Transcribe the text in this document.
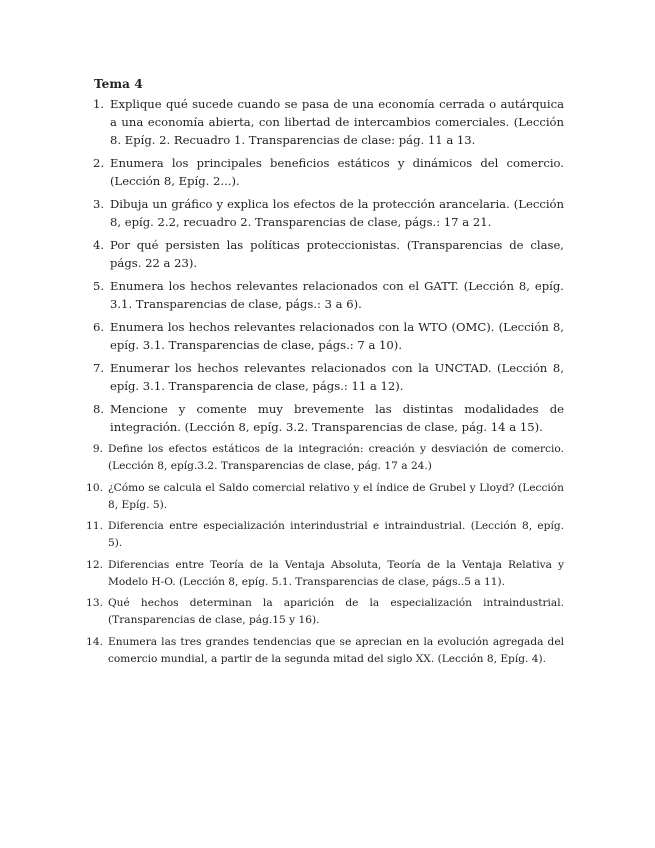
Tema 4
1. Explique qué sucede cuando se pasa de una economía cerrada o autárquica a una economía abierta, con libertad de intercambios comerciales. (Lección 8. Epíg. 2. Recuadro 1. Transparencias de clase: pág. 11 a 13.
2. Enumera los principales beneficios estáticos y dinámicos del comercio. (Lección 8, Epíg. 2...).
3. Dibuja un gráfico y explica los efectos de la protección arancelaria. (Lección 8, epíg. 2.2, recuadro 2. Transparencias de clase, págs.: 17 a 21.
4. Por qué persisten las políticas proteccionistas. (Transparencias de clase, págs. 22 a 23).
5. Enumera los hechos relevantes relacionados con el GATT. (Lección 8, epíg. 3.1. Transparencias de clase, págs.: 3 a 6).
6. Enumera los hechos relevantes relacionados con la WTO (OMC). (Lección 8, epíg. 3.1. Transparencias de clase, págs.: 7 a 10).
7. Enumerar los hechos relevantes relacionados con la UNCTAD. (Lección 8, epíg. 3.1. Transparencia de clase, págs.: 11 a 12).
8. Mencione y comente muy brevemente las distintas modalidades de integración. (Lección 8, epíg. 3.2. Transparencias de clase, pág. 14 a 15).
9. Define los efectos estáticos de la integración: creación y desviación de comercio. (Lección 8, epíg.3.2. Transparencias de clase, pág. 17 a 24.)
10. ¿Cómo se calcula el Saldo comercial relativo y el índice de Grubel y Lloyd? (Lección 8, Epíg. 5).
11. Diferencia entre especialización interindustrial e intraindustrial. (Lección 8, epíg. 5).
12. Diferencias entre Teoría de la Ventaja Absoluta, Teoría de la Ventaja Relativa y Modelo H-O. (Lección 8, epíg. 5.1. Transparencias de clase, págs..5 a 11).
13. Qué hechos determinan la aparición de la especialización intraindustrial. (Transparencias de clase, pág.15 y 16).
14. Enumera las tres grandes tendencias que se aprecian en la evolución agregada del comercio mundial, a partir de la segunda mitad del siglo XX. (Lección 8, Epíg. 4).
